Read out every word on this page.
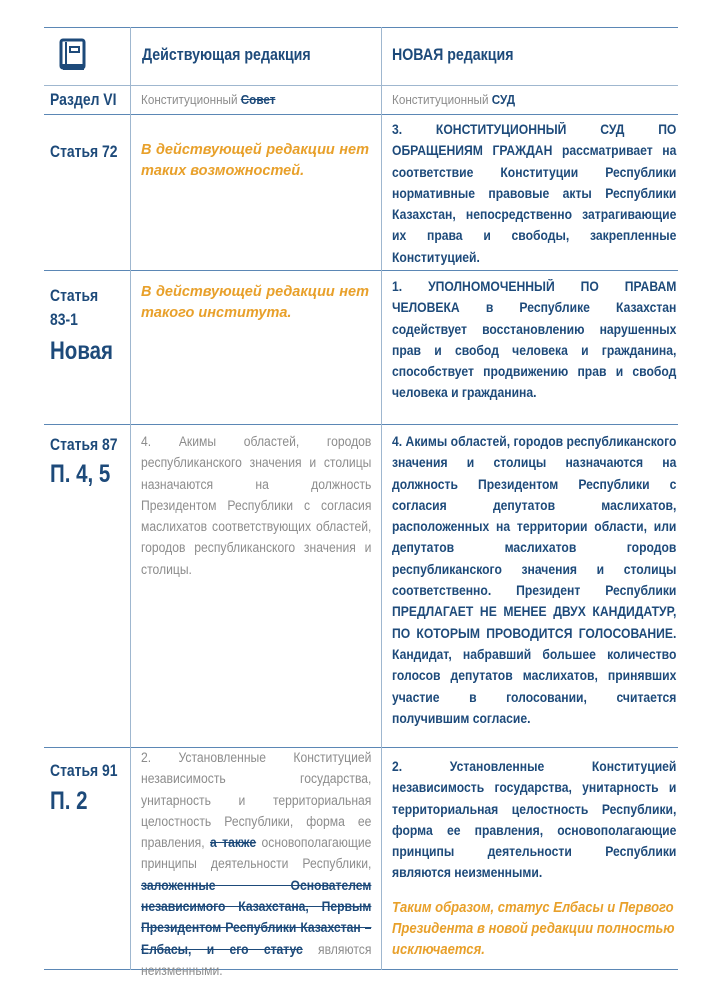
Действующая редакция	НОВАЯ редакция
Раздел VI Конституционный Совет	Конституционный СУД
Статья 72 В действующей редакции нет таких возможностей.
3. КОНСТИТУЦИОННЫЙ СУД ПО ОБРАЩЕНИЯМ ГРАЖДАН рассматривает на соответствие Конституции Республики нормативные правовые акты Республики Казахстан, непосредственно затрагивающие их права и свободы, закрепленные Конституцией.
Статья
83-1
Новая
В действующей редакции нет такого института.
1. УПОЛНОМОЧЕННЫЙ ПО ПРАВАМ ЧЕЛОВЕКА в Республике Казахстан содействует восстановлению нарушенных прав и свобод человека и гражданина, способствует продвижению прав и свобод человека и гражданина.
Статья 87
П. 4, 5
4. Акимы областей, городов республиканского значения и столицы назначаются на должность Президентом Республики с согласия маслихатов соответствующих областей, городов республиканского значения и столицы.
4. Акимы областей, городов республиканского значения и столицы назначаются на должность Президентом Республики с согласия депутатов маслихатов, расположенных на территории области, или депутатов маслихатов городов республиканского значения и столицы соответственно. Президент Республики ПРЕДЛАГАЕТ НЕ МЕНЕЕ ДВУХ КАНДИДАТУР, ПО КОТОРЫМ ПРОВОДИТСЯ ГОЛОСОВАНИЕ. Кандидат, набравший большее количество голосов депутатов маслихатов, принявших участие в голосовании, считается получившим согласие.
Статья 91
П. 2
2. Установленные Конституцией независимость государства, унитарность и территориальная целостность Республики, форма ее правления, а также основополагающие принципы деятельности Республики, заложенные Основателем независимого Казахстана, Первым Президентом Республики Казахстан – Елбасы, и его статус являются неизменными.
2. Установленные Конституцией независимость государства, унитарность и территориальная целостность Республики, форма ее правления, основополагающие принципы деятельности Республики являются неизменными.
Таким образом, статус Елбасы и Первого Президента в новой редакции полностью исключается.
